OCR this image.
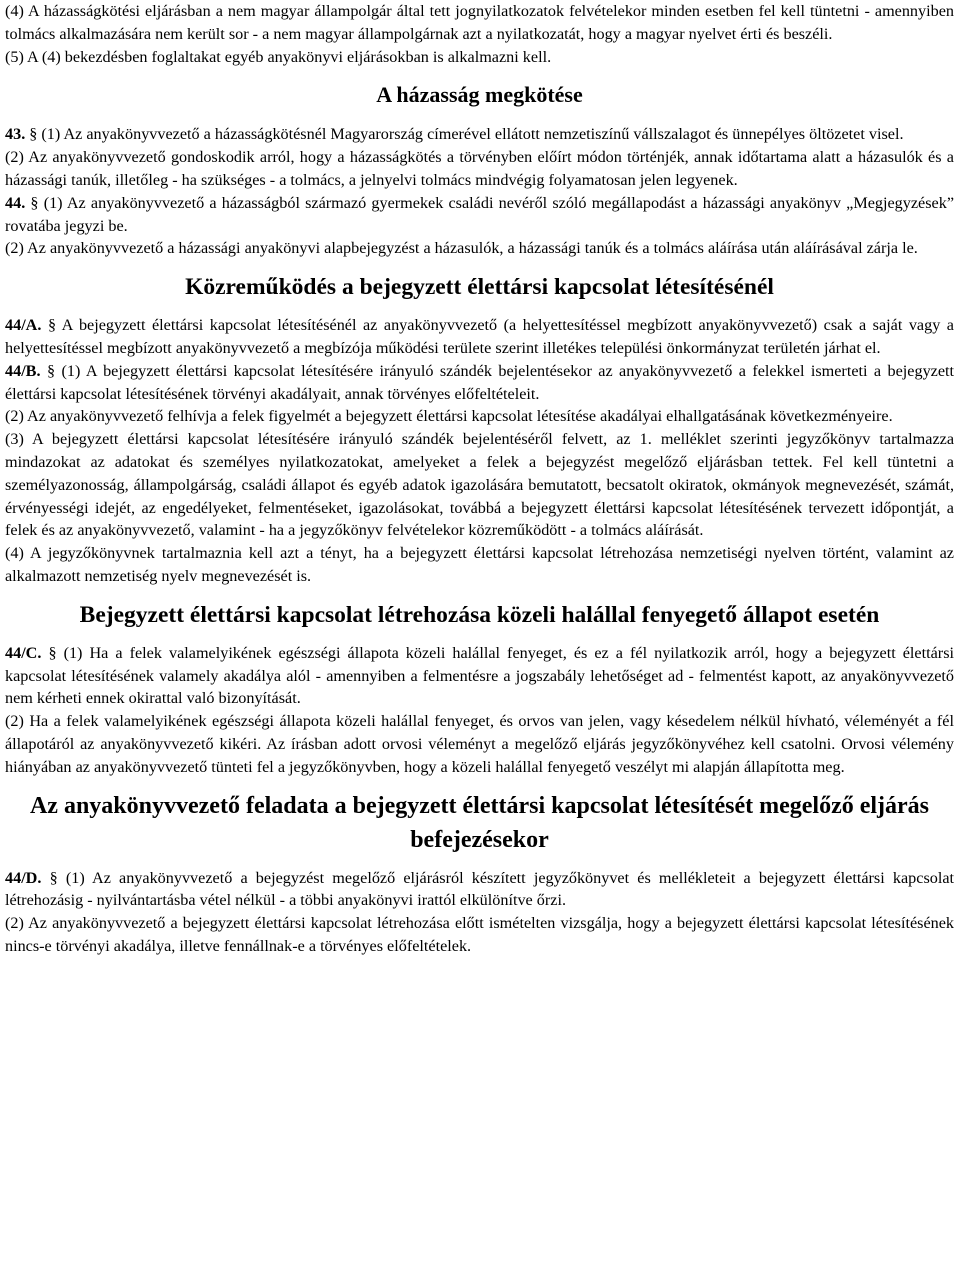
(4) A házasságkötési eljárásban a nem magyar állampolgár által tett jognyilatkozatok felvételekor minden esetben fel kell tüntetni - amennyiben tolmács alkalmazására nem került sor - a nem magyar állampolgárnak azt a nyilatkozatát, hogy a magyar nyelvet érti és beszéli.

(5) A (4) bekezdésben foglaltakat egyéb anyakönyvi eljárásokban is alkalmazni kell.

A házasság megkötése

43. § (1) Az anyakönyvvezető a házasságkötésnél Magyarország címerével ellátott nemzetiszínű vállszalagot és ünnepélyes öltözetet visel.

(2) Az anyakönyvvezető gondoskodik arról, hogy a házasságkötés a törvényben előírt módon történjék, annak időtartama alatt a házasulók és a házassági tanúk, illetőleg - ha szükséges - a tolmács, a jelnyelvi tolmács mindvégig folyamatosan jelen legyenek.

44. § (1) Az anyakönyvvezető a házasságból származó gyermekek családi nevéről szóló megállapodást a házassági anyakönyv „Megjegyzések” rovatába jegyzi be.

(2) Az anyakönyvvezető a házassági anyakönyvi alapbejegyzést a házasulók, a házassági tanúk és a tolmács aláírása után aláírásával zárja le.

Közreműködés a bejegyzett élettársi kapcsolat létesítésénél

44/A. § A bejegyzett élettársi kapcsolat létesítésénél az anyakönyvvezető (a helyettesítéssel megbízott anyakönyvvezető) csak a saját vagy a helyettesítéssel megbízott anyakönyvvezető a megbízója működési területe szerint illetékes települési önkormányzat területén járhat el.

44/B. § (1) A bejegyzett élettársi kapcsolat létesítésére irányuló szándék bejelentésekor az anyakönyvvezető a felekkel ismerteti a bejegyzett élettársi kapcsolat létesítésének törvényi akadályait, annak törvényes előfeltételeit.

(2) Az anyakönyvvezető felhívja a felek figyelmét a bejegyzett élettársi kapcsolat létesítése akadályai elhallgatásának következményeire.

(3) A bejegyzett élettársi kapcsolat létesítésére irányuló szándék bejelentéséről felvett, az 1. melléklet szerinti jegyzőkönyv tartalmazza mindazokat az adatokat és személyes nyilatkozatokat, amelyeket a felek a bejegyzést megelőző eljárásban tettek. Fel kell tüntetni a személyazonosság, állampolgárság, családi állapot és egyéb adatok igazolására bemutatott, becsatolt okiratok, okmányok megnevezését, számát, érvényességi idejét, az engedélyeket, felmentéseket, igazolásokat, továbbá a bejegyzett élettársi kapcsolat létesítésének tervezett időpontját, a felek és az anyakönyvvezető, valamint - ha a jegyzőkönyv felvételekor közreműködött - a tolmács aláírását.

(4) A jegyzőkönyvnek tartalmaznia kell azt a tényt, ha a bejegyzett élettársi kapcsolat létrehozása nemzetiségi nyelven történt, valamint az alkalmazott nemzetiség nyelv megnevezését is.

Bejegyzett élettársi kapcsolat létrehozása közeli halállal fenyegető állapot esetén

44/C. § (1) Ha a felek valamelyikének egészségi állapota közeli halállal fenyeget, és ez a fél nyilatkozik arról, hogy a bejegyzett élettársi kapcsolat létesítésének valamely akadálya alól - amennyiben a felmentésre a jogszabály lehetőséget ad - felmentést kapott, az anyakönyvvezető nem kérheti ennek okirattal való bizonyítását.

(2) Ha a felek valamelyikének egészségi állapota közeli halállal fenyeget, és orvos van jelen, vagy késedelem nélkül hívható, véleményét a fél állapotáról az anyakönyvvezető kikéri. Az írásban adott orvosi véleményt a megelőző eljárás jegyzőkönyvéhez kell csatolni. Orvosi vélemény hiányában az anyakönyvvezető tünteti fel a jegyzőkönyvben, hogy a közeli halállal fenyegető veszélyt mi alapján állapította meg.

Az anyakönyvvezető feladata a bejegyzett élettársi kapcsolat létesítését megelőző eljárás befejezésekor

44/D. § (1) Az anyakönyvvezető a bejegyzést megelőző eljárásról készített jegyzőkönyvet és mellékleteit a bejegyzett élettársi kapcsolat létrehozásig - nyilvántartásba vétel nélkül - a többi anyakönyvi irattól elkülönítve őrzi.

(2) Az anyakönyvvezető a bejegyzett élettársi kapcsolat létrehozása előtt ismételten vizsgálja, hogy a bejegyzett élettársi kapcsolat létesítésének nincs-e törvényi akadálya, illetve fennállnak-e a törvényes előfeltételek.
